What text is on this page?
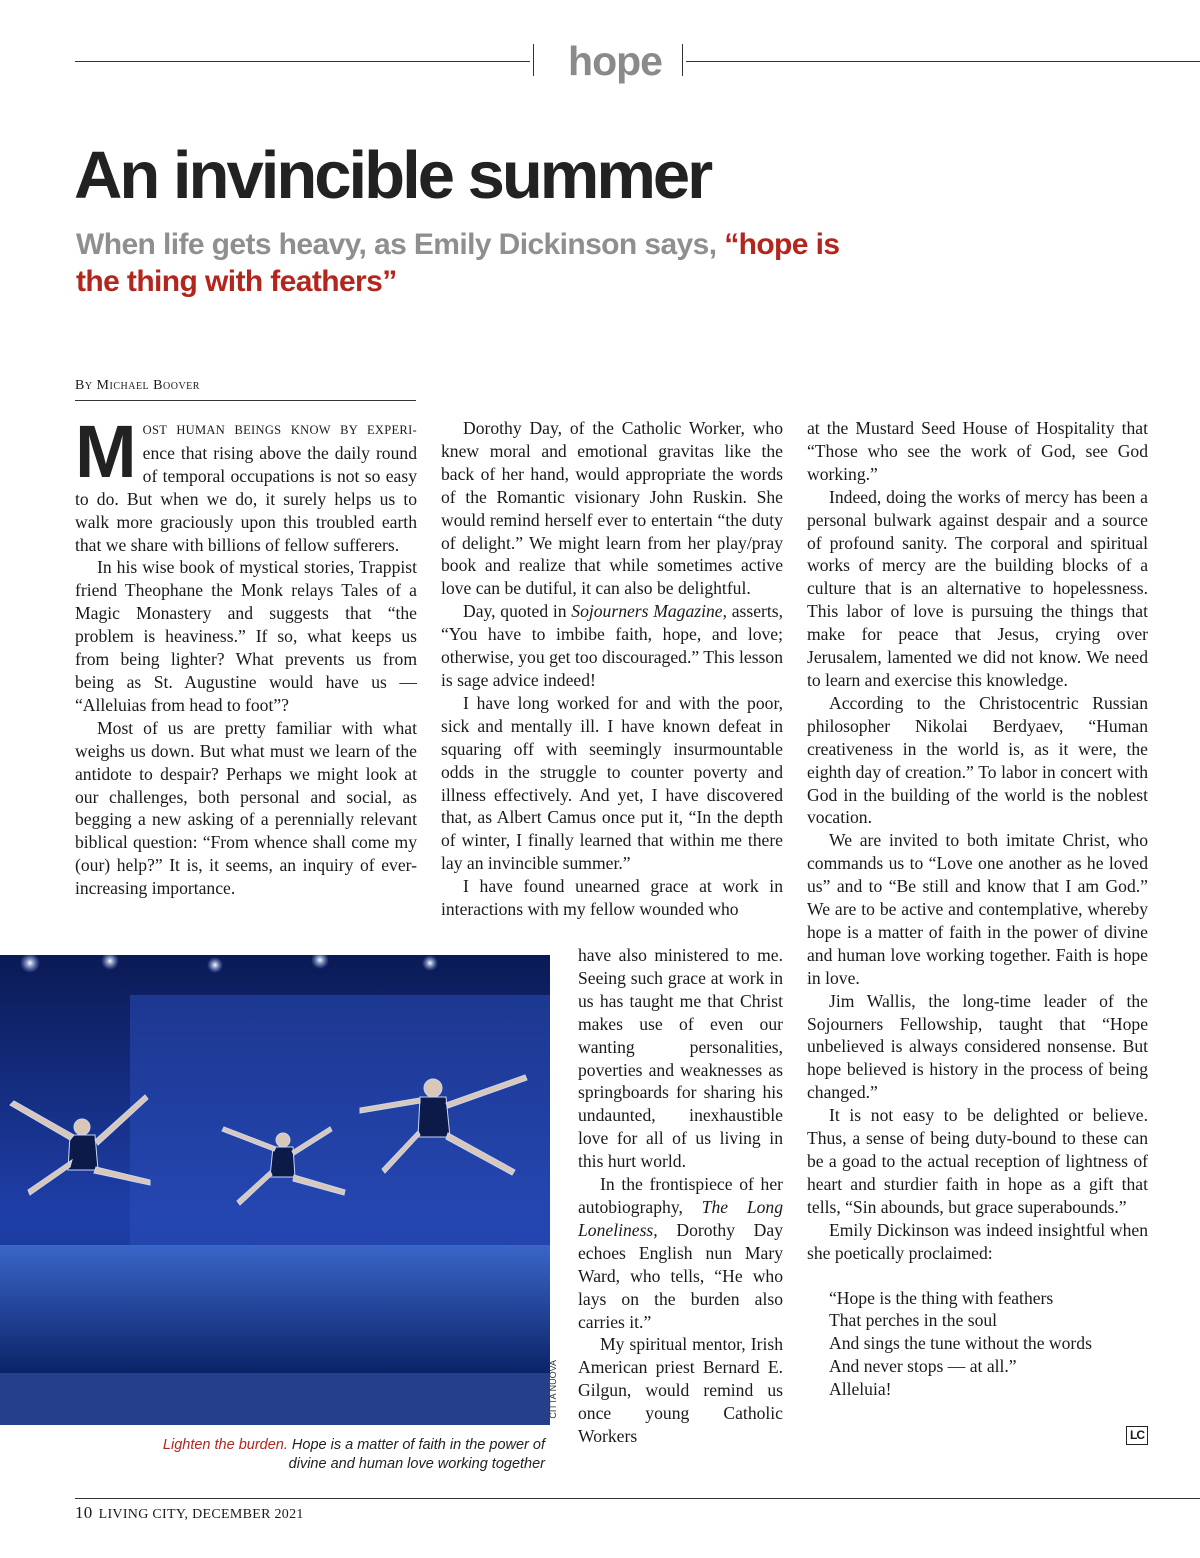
hope
An invincible summer
When life gets heavy, as Emily Dickinson says, “hope is the thing with feathers”
By Michael Boover

MOST HUMAN BEINGS KNOW BY EXPERI- ence that rising above the daily round of temporal occupations is not so easy to do. But when we do, it surely helps us to walk more graciously upon this troubled earth that we share with billions of fellow sufferers.

In his wise book of mystical stories, Trappist friend Theophane the Monk relays Tales of a Magic Monastery and suggests that “the problem is heaviness.” If so, what keeps us from being lighter? What prevents us from being as St. Augustine would have us — “Alleluias from head to foot”?

Most of us are pretty familiar with what weighs us down. But what must we learn of the antidote to despair? Perhaps we might look at our challenges, both personal and social, as begging a new asking of a perennially relevant biblical question: “From whence shall come my (our) help?” It is, it seems, an inquiry of ever-increasing importance.

Dorothy Day, of the Catholic Worker, who knew moral and emotional gravitas like the back of her hand, would appropriate the words of the Romantic visionary John Ruskin. She would remind herself ever to entertain “the duty of delight.” We might learn from her play/pray book and realize that while sometimes active love can be dutiful, it can also be delightful.

Day, quoted in Sojourners Magazine, asserts, “You have to imbibe faith, hope, and love; otherwise, you get too discouraged.” This lesson is sage advice indeed!

I have long worked for and with the poor, sick and mentally ill. I have known defeat in squaring off with seemingly insurmountable odds in the struggle to counter poverty and illness effectively. And yet, I have discovered that, as Albert Camus once put it, “In the depth of winter, I finally learned that within me there lay an invincible summer.”

I have found unearned grace at work in interactions with my fellow wounded who

have also ministered to me. Seeing such grace at work in us has taught me that Christ makes use of even our wanting personalities, poverties and weaknesses as springboards for sharing his undaunted, inexhaustible love for all of us living in this hurt world.

In the frontispiece of her autobiography, The Long Loneliness, Dorothy Day echoes English nun Mary Ward, who tells, “He who lays on the burden also carries it.”

My spiritual mentor, Irish American priest Bernard E. Gilgun, would remind us once young Catholic Workers

at the Mustard Seed House of Hospitality that “Those who see the work of God, see God working.”

Indeed, doing the works of mercy has been a personal bulwark against despair and a source of profound sanity. The corporal and spiritual works of mercy are the building blocks of a culture that is an alternative to hopelessness. This labor of love is pursuing the things that make for peace that Jesus, crying over Jerusalem, lamented we did not know. We need to learn and exercise this knowledge.

According to the Christocentric Russian philosopher Nikolai Berdyaev, “Human creativeness in the world is, as it were, the eighth day of creation.” To labor in concert with God in the building of the world is the noblest vocation.

We are invited to both imitate Christ, who commands us to “Love one another as he loved us” and to “Be still and know that I am God.” We are to be active and contemplative, whereby hope is a matter of faith in the power of divine and human love working together. Faith is hope in love.

Jim Wallis, the long-time leader of the Sojourners Fellowship, taught that “Hope unbelieved is always considered nonsense. But hope believed is history in the process of being changed.”

It is not easy to be delighted or believe. Thus, a sense of being duty-bound to these can be a goad to the actual reception of lightness of heart and sturdier faith in hope as a gift that tells, “Sin abounds, but grace superabounds.”

Emily Dickinson was indeed insightful when she poetically proclaimed:

“Hope is the thing with feathers
That perches in the soul
And sings the tune without the words
And never stops — at all.”
Alleluia!
LC
CITTA NUOVA
Lighten the burden. Hope is a matter of faith in the power of divine and human love working together
10 LIVING CITY, DECEMBER 2021
